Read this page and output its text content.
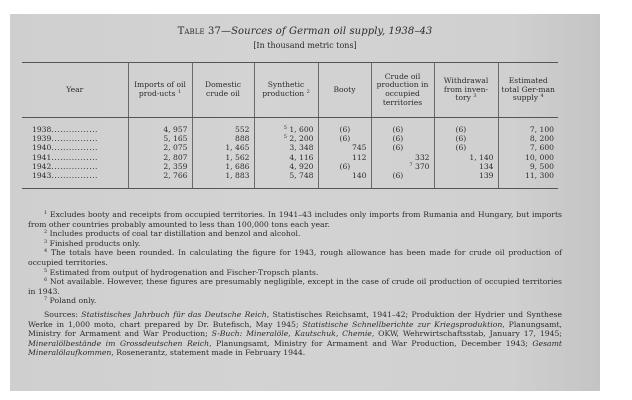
Table 37—Sources of German oil supply, 1938–43
[In thousand metric tons]
Year	Imports of oil prod-ucts $^1$	Domestic crude oil	Synthetic production $^2$	Booty	Crude oil production in occupied territories	Withdrawal from inven-tory $^3$	Estimated total Ger-man supply $^4$
1938................	4, 957	552	$^5$ 1, 600	(6)	(6)	(6)	7, 100
1939................	5, 165	888	$^5$ 2, 200	(6)	(6)	(6)	8, 200
1940................	2, 075	1, 465	3, 348	745	(6)	(6)	7, 600
1941................	2, 807	1, 562	4, 116	112	332	1, 140	10, 000
1942................	2, 359	1, 686	4, 920	(6)	$^7$ 370	134	9, 500
1943................	2, 766	1, 883	5, 748	140	(6)	139	11, 300

$^1$ Excludes booty and receipts from occupied territories. In 1941–43 includes only imports from Rumania and Hungary, but imports from other countries probably amounted to less than 100,000 tons each year.

$^2$ Includes products of coal tar distillation and benzol and alcohol.

$^3$ Finished products only.

$^4$ The totals have been rounded. In calculating the figure for 1943, rough allowance has been made for crude oil production of occupied territories.

$^5$ Estimated from output of hydrogenation and Fischer-Tropsch plants.

$^6$ Not available. However, these figures are presumably negligible, except in the case of crude oil production of occupied territories in 1943.

$^7$ Poland only.

Sources: Statistisches Jahrbuch für das Deutsche Reich, Statistisches Reichsamt, 1941–42; Produktion der Hydrier und Synthese Werke in 1,000 moto, chart prepared by Dr. Butefisch, May 1945; Statistische Schnellberichte zur Kriegsproduktion, Planungsamt, Ministry for Armament and War Production; S-Buch: Mineralöle, Kautschuk, Chemie, OKW, Wehrwirtschaftsstab, January 17, 1945; Mineralölbestände im Grossdeutschen Reich, Planungsamt, Ministry for Armament and War Production, December 1943; Gesamt Mineralölaufkommen, Rosenerantz, statement made in February 1944.
